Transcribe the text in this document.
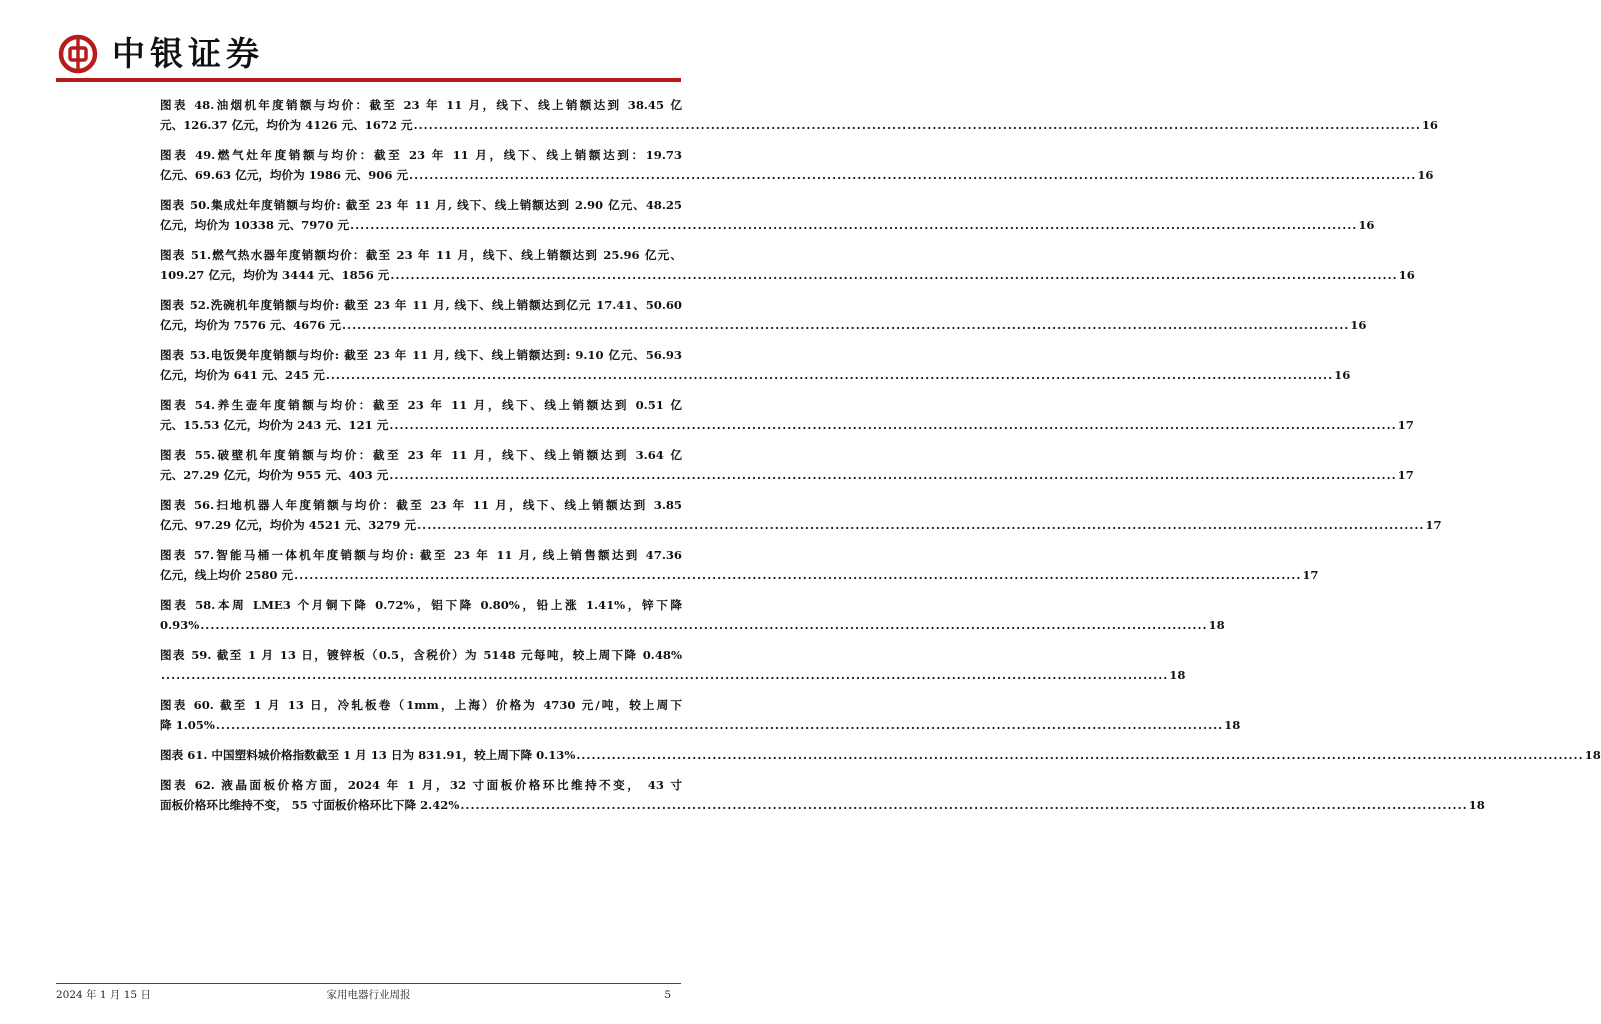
中银证券
图表 48.油烟机年度销额与均价：截至 23 年 11 月，线下、线上销额达到 38.45 亿
元、126.37 亿元，均价为 4126 元、1672 元 ........................................................................................................................................................................................................ 16
图表 49.燃气灶年度销额与均价：截至 23 年 11 月，线下、线上销额达到：19.73
亿元、69.63 亿元，均价为 1986 元、906 元 ........................................................................................................................................................................................................ 16
图表 50.集成灶年度销额与均价: 截至 23 年 11 月, 线下、线上销额达到 2.90 亿元、48.25
亿元，均价为 10338 元、7970 元 ........................................................................................................................................................................................................ 16
图表 51.燃气热水器年度销额均价：截至 23 年 11 月，线下、线上销额达到 25.96 亿元、
109.27 亿元，均价为 3444 元、1856 元 ........................................................................................................................................................................................................ 16
图表 52.洗碗机年度销额与均价: 截至 23 年 11 月, 线下、线上销额达到亿元 17.41、50.60
亿元，均价为 7576 元、4676 元 ........................................................................................................................................................................................................ 16
图表 53.电饭煲年度销额与均价: 截至 23 年 11 月, 线下、线上销额达到: 9.10 亿元、56.93
亿元，均价为 641 元、245 元 ........................................................................................................................................................................................................ 16
图表 54.养生壶年度销额与均价：截至 23 年 11 月，线下、线上销额达到 0.51 亿
元、15.53 亿元，均价为 243 元、121 元 ........................................................................................................................................................................................................ 17
图表 55.破壁机年度销额与均价：截至 23 年 11 月，线下、线上销额达到 3.64 亿
元、27.29 亿元，均价为 955 元、403 元 ........................................................................................................................................................................................................ 17
图表 56.扫地机器人年度销额与均价：截至 23 年 11 月，线下、线上销额达到 3.85
亿元、97.29 亿元，均价为 4521 元、3279 元 ........................................................................................................................................................................................................ 17
图表 57.智能马桶一体机年度销额与均价: 截至 23 年 11 月, 线上销售额达到 47.36
亿元，线上均价 2580 元 ........................................................................................................................................................................................................ 17
图表 58.本周 LME3 个月铜下降 0.72%，铝下降 0.80%，铅上涨 1.41%，锌下降
0.93% ........................................................................................................................................................................................................ 18
图表 59. 截至 1 月 13 日，镀锌板（0.5，含税价）为 5148 元每吨，较上周下降 0.48%
........................................................................................................................................................................................................ 18
图表 60. 截至 1 月 13 日，冷轧板卷（1mm，上海）价格为 4730 元/吨，较上周下
降 1.05% ........................................................................................................................................................................................................ 18
图表 61. 中国塑料城价格指数截至 1 月 13 日为 831.91，较上周下降 0.13% ........................................................................................................................................................................................................ 18
图表 62. 液晶面板价格方面，2024 年 1 月，32 寸面板价格环比维持不变， 43 寸
面板价格环比维持不变， 55 寸面板价格环比下降 2.42% ........................................................................................................................................................................................................ 18
2024 年 1 月 15 日	家用电器行业周报	5
